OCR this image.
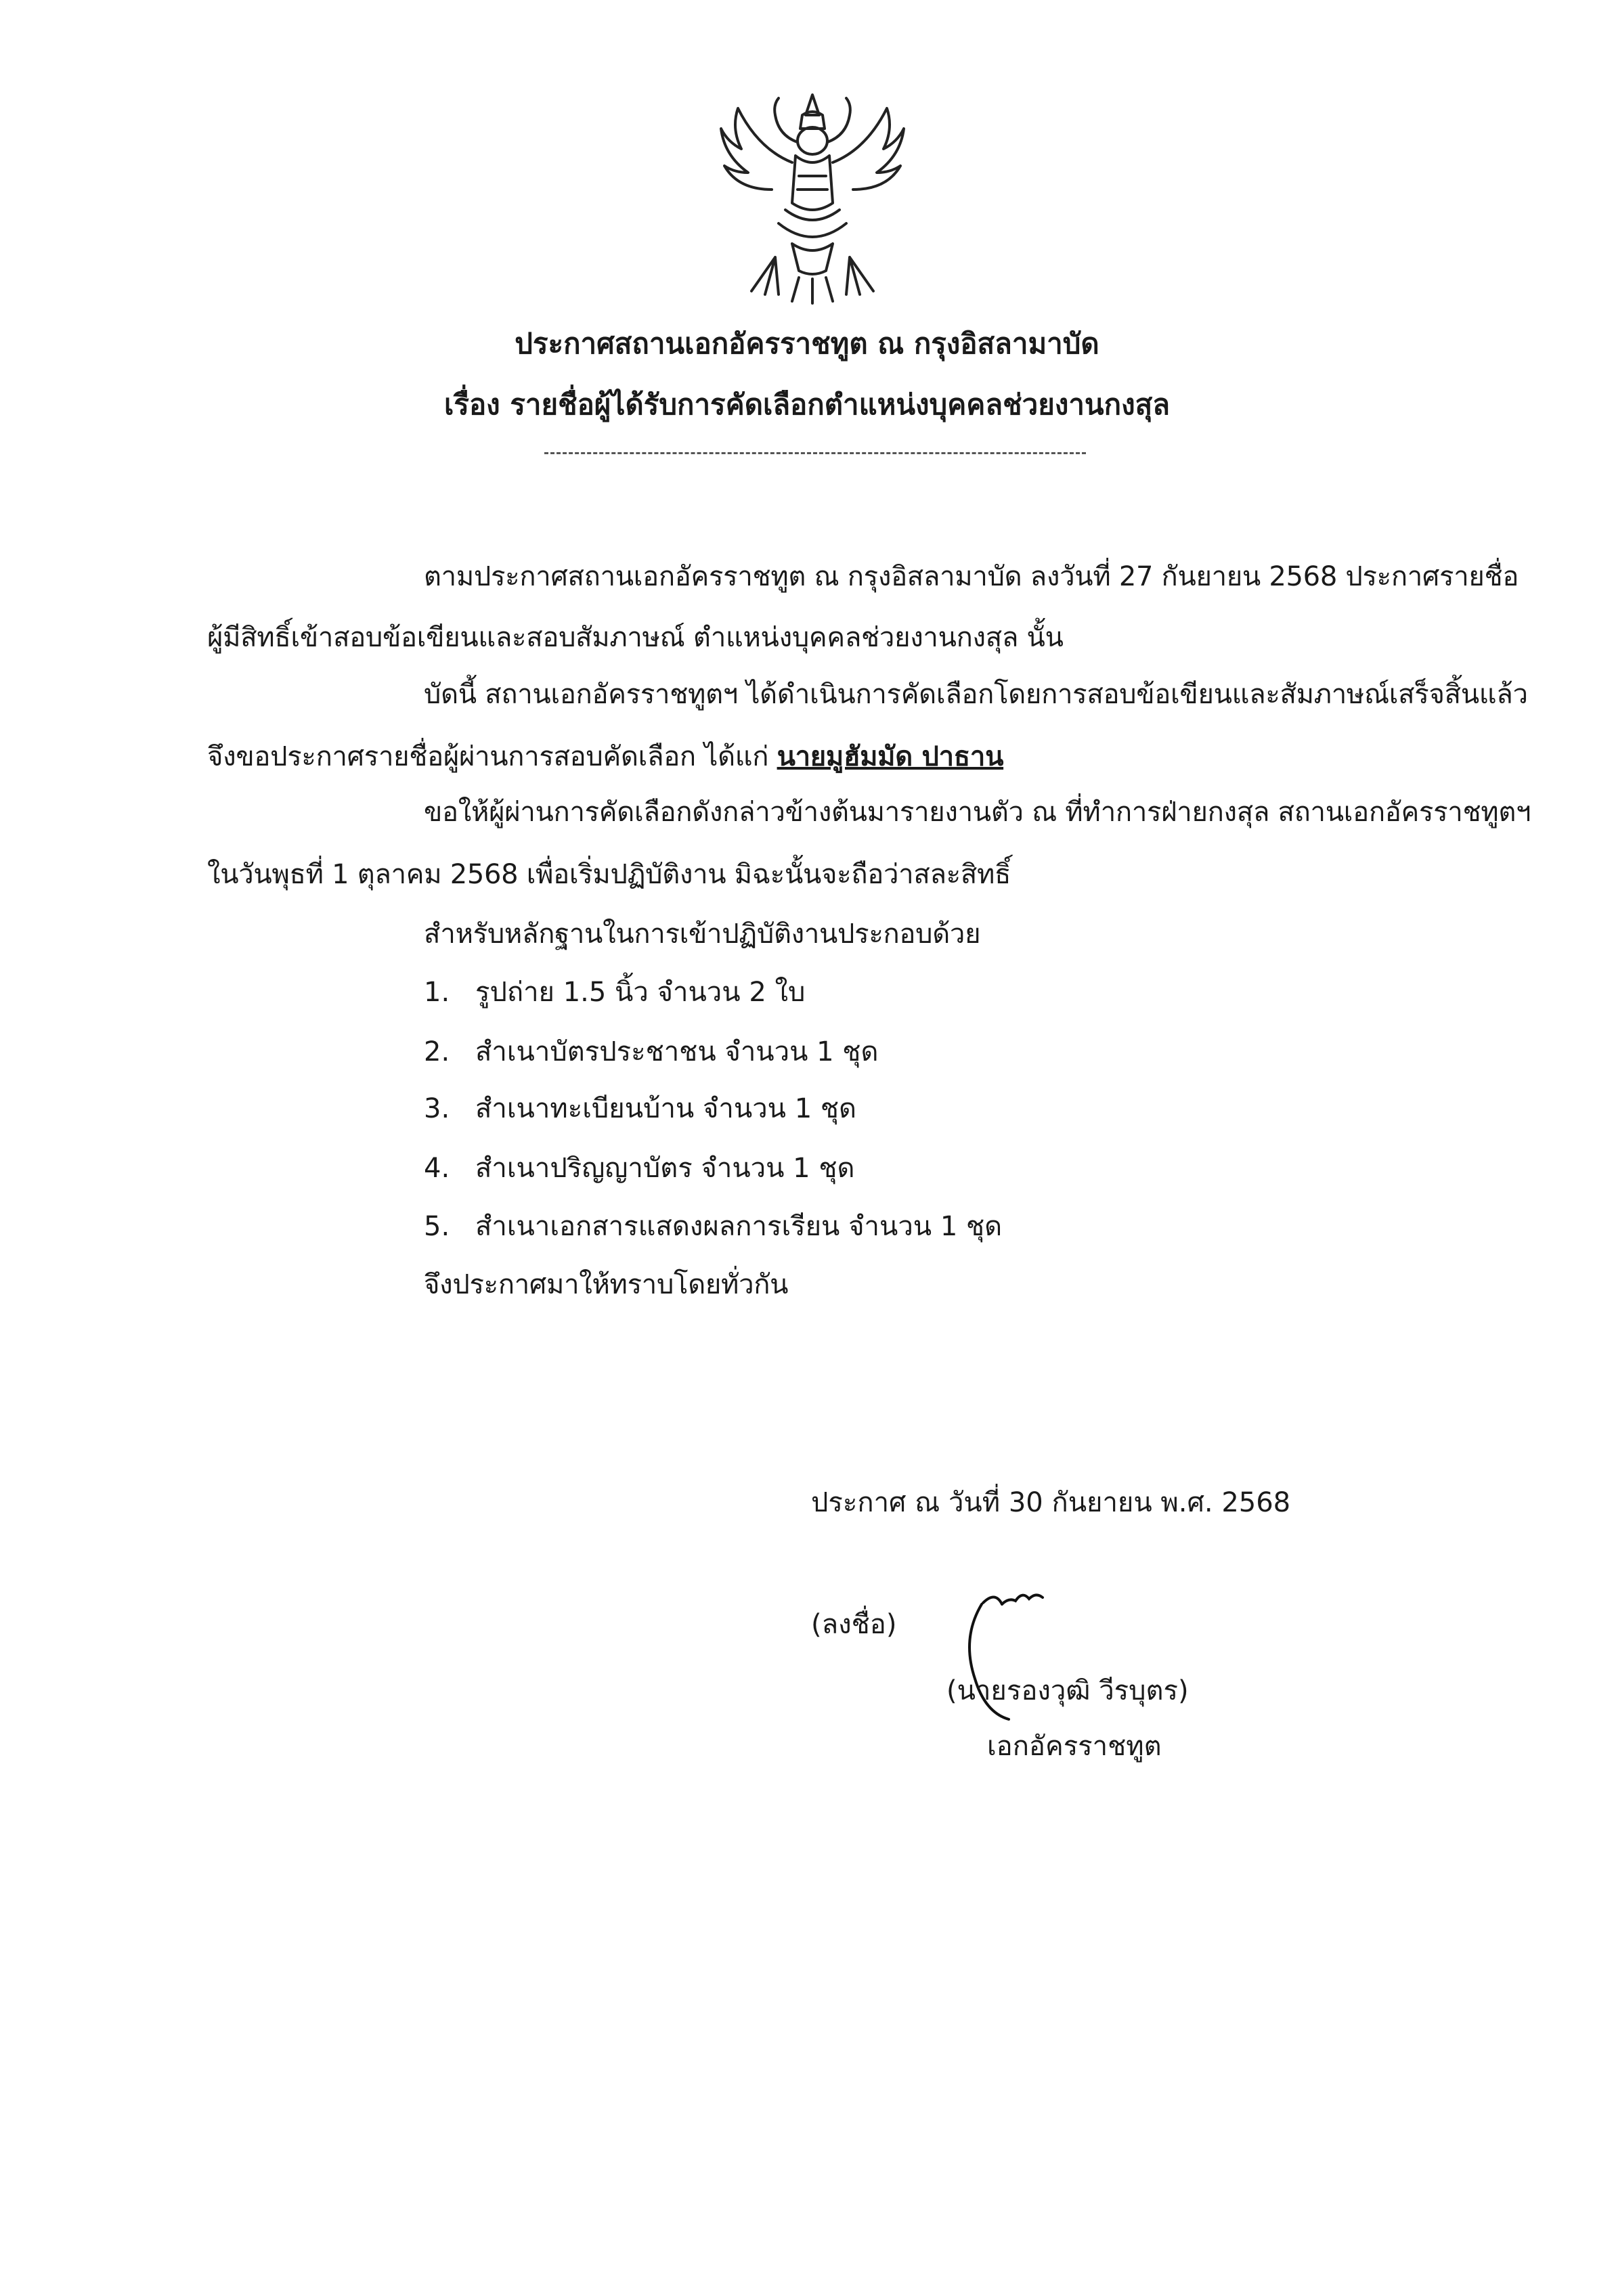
ประกาศสถานเอกอัครราชทูต ณ กรุงอิสลามาบัด
เรื่อง รายชื่อผู้ได้รับการคัดเลือกตำแหน่งบุคคลช่วยงานกงสุล
ตามประกาศสถานเอกอัครราชทูต ณ กรุงอิสลามาบัด ลงวันที่ 27 กันยายน 2568 ประกาศรายชื่อ
ผู้มีสิทธิ์เข้าสอบข้อเขียนและสอบสัมภาษณ์ ตำแหน่งบุคคลช่วยงานกงสุล นั้น
บัดนี้ สถานเอกอัครราชทูตฯ ได้ดำเนินการคัดเลือกโดยการสอบข้อเขียนและสัมภาษณ์เสร็จสิ้นแล้ว
จึงขอประกาศรายชื่อผู้ผ่านการสอบคัดเลือก ได้แก่ นายมูฮัมมัด ปาธาน
ขอให้ผู้ผ่านการคัดเลือกดังกล่าวข้างต้นมารายงานตัว ณ ที่ทำการฝ่ายกงสุล สถานเอกอัครราชทูตฯ
ในวันพุธที่ 1 ตุลาคม 2568 เพื่อเริ่มปฏิบัติงาน มิฉะนั้นจะถือว่าสละสิทธิ์
สำหรับหลักฐานในการเข้าปฏิบัติงานประกอบด้วย
1. รูปถ่าย 1.5 นิ้ว จำนวน 2 ใบ
2. สำเนาบัตรประชาชน จำนวน 1 ชุด
3. สำเนาทะเบียนบ้าน จำนวน 1 ชุด
4. สำเนาปริญญาบัตร จำนวน 1 ชุด
5. สำเนาเอกสารแสดงผลการเรียน จำนวน 1 ชุด
จึงประกาศมาให้ทราบโดยทั่วกัน
ประกาศ ณ วันที่ 30 กันยายน พ.ศ. 2568
(ลงชื่อ)
(นายรองวุฒิ วีรบุตร)
เอกอัครราชทูต
